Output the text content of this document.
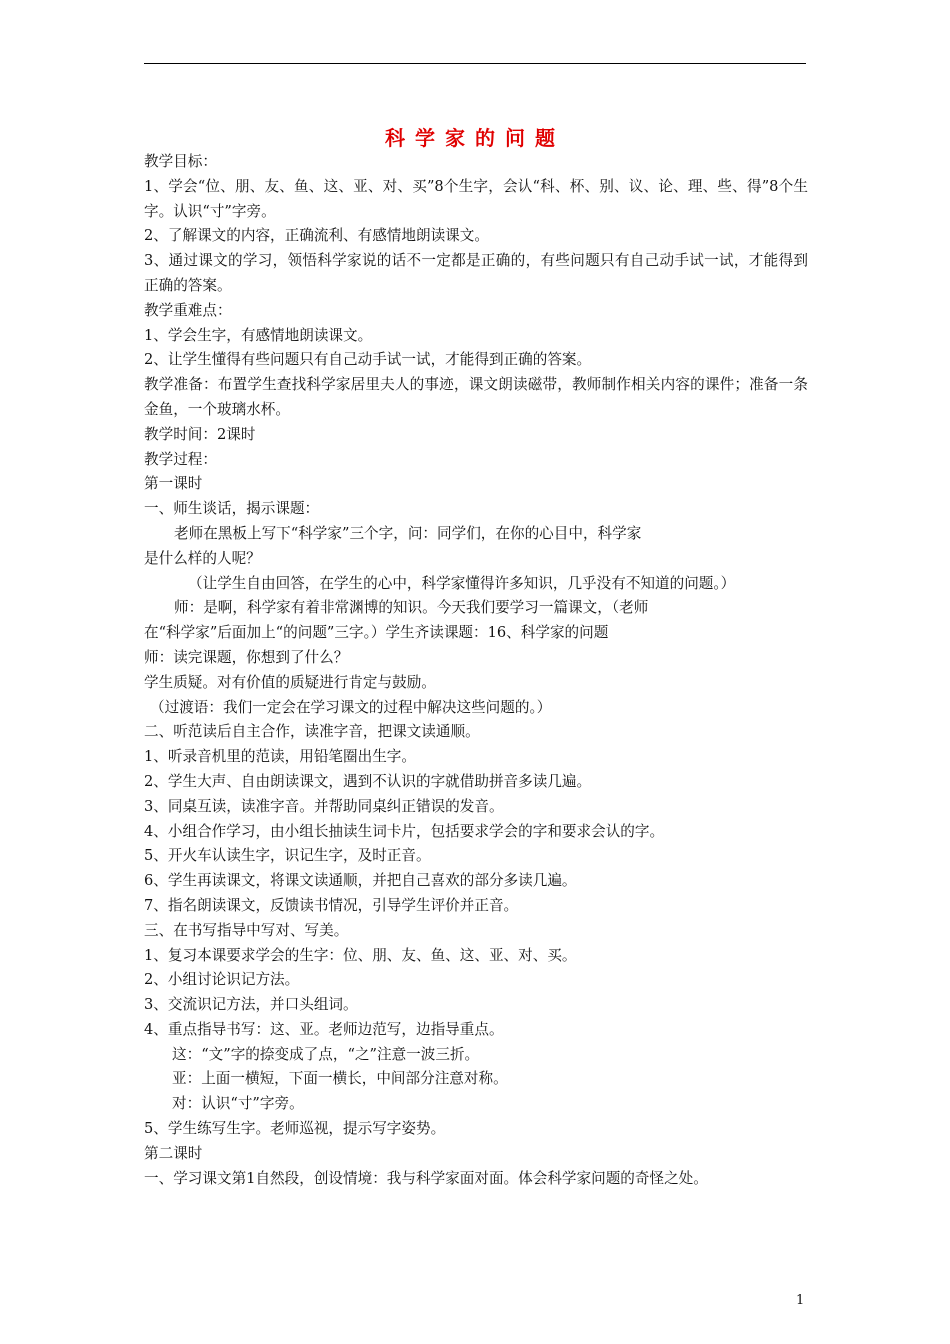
科学家的问题

教学目标：

1、学会“位、朋、友、鱼、这、亚、对、买”8个生字，会认“科、杯、别、议、论、理、些、得”8个生字。认识“寸”字旁。

2、了解课文的内容，正确流利、有感情地朗读课文。

3、通过课文的学习，领悟科学家说的话不一定都是正确的，有些问题只有自己动手试一试，才能得到正确的答案。

教学重难点：

1、学会生字，有感情地朗读课文。

2、让学生懂得有些问题只有自己动手试一试，才能得到正确的答案。

教学准备：布置学生查找科学家居里夫人的事迹，课文朗读磁带，教师制作相关内容的课件；准备一条金鱼，一个玻璃水杯。

教学时间：2课时

教学过程：

第一课时

一、师生谈话，揭示课题：

老师在黑板上写下“科学家”三个字，问：同学们，在你的心目中，科学家

是什么样的人呢？

（让学生自由回答，在学生的心中，科学家懂得许多知识，几乎没有不知道的问题。）

师：是啊，科学家有着非常渊博的知识。今天我们要学习一篇课文，（老师

在“科学家”后面加上“的问题”三字。）学生齐读课题：16、科学家的问题

师：读完课题，你想到了什么？

学生质疑。对有价值的质疑进行肯定与鼓励。

（过渡语：我们一定会在学习课文的过程中解决这些问题的。）

二、听范读后自主合作，读准字音，把课文读通顺。

1、听录音机里的范读，用铅笔圈出生字。

2、学生大声、自由朗读课文，遇到不认识的字就借助拼音多读几遍。

3、同桌互读，读准字音。并帮助同桌纠正错误的发音。

4、小组合作学习，由小组长抽读生词卡片，包括要求学会的字和要求会认的字。

5、开火车认读生字，识记生字，及时正音。

6、学生再读课文，将课文读通顺，并把自己喜欢的部分多读几遍。

7、指名朗读课文，反馈读书情况，引导学生评价并正音。

三、在书写指导中写对、写美。

1、复习本课要求学会的生字：位、朋、友、鱼、这、亚、对、买。

2、小组讨论识记方法。

3、交流识记方法，并口头组词。

4、重点指导书写：这、亚。老师边范写，边指导重点。

这：“文”字的捺变成了点，“之”注意一波三折。

亚：上面一横短，下面一横长，中间部分注意对称。

对：认识“寸”字旁。

5、学生练写生字。老师巡视，提示写字姿势。

第二课时

一、学习课文第1自然段，创设情境：我与科学家面对面。体会科学家问题的奇怪之处。

1
